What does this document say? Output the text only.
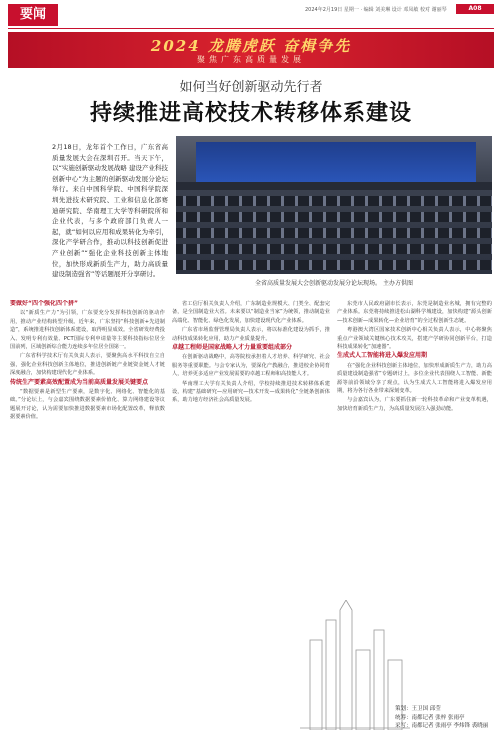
要闻	2024年2月19日 星期一 · 编辑 刘美琳 设计 邓凤敏 校对 谢丽琴	A08
2024 龙腾虎跃 奋楫争先
聚焦广东高质量发展
如何当好创新驱动先行者
持续推进高校技术转移体系建设
2月18日，龙年首个工作日，广东省高质量发展大会在深圳召开。当天下午，以“实施创新驱动发展战略 建设产业科技创新中心”为主题的创新驱动发展分论坛举行。来自中国科学院、中国科学院深圳先进技术研究院、工业和信息化部赛迪研究院、华南理工大学等科研院所和企业代表，与多个政府部门负责人一起，就“如何以应用和成果转化为牵引，深化产学研合作，推动以科技创新促进产业创新”“强化企业科技创新主体地位，加快形成新质生产力，助力高质量建设制造强省”等话题展开分享研讨。
全省高质量发展大会创新驱动发展分论坛现场。 主办方供图

要做好“四个强化四个拼”

以“新质生产力”为引领，广东要充分发挥科技创新的驱动作用，推动产业结构转型升级。近年来，广东坚持“科技创新+先进制造”，系统推进科技创新体系建设，取得明显成效。全省研发经费投入、发明专利有效量、PCT国际专利申请量等主要科技指标位居全国前列，区域创新综合能力连续多年位居全国第一。

广东省科学技术厅有关负责人表示，要聚焦高水平科技自立自强，强化企业科技创新主体地位，推进创新链产业链资金链人才链深度融合，加快构建现代化产业体系。

传统生产要素高效配置成为当前高质量发展关键要点

“数据要素是新型生产要素，是数字化、网络化、智能化的基础。”分论坛上，与会嘉宾围绕数据要素价值化、算力网络建设等议题展开讨论，认为需要加快推进数据要素市场化配置改革，释放数据要素价值。

省工信厅相关负责人介绍，广东制造业规模大、门类全、配套完备，是全国制造业大省。未来要以“制造业当家”为统领，推动制造业高端化、智能化、绿色化发展，加快建设现代化产业体系。

广东省市场监督管理局负责人表示，将以标准化建设为抓手，推动科技成果转化应用，助力产业质量提升。

卓越工程师是国家战略人才力量重要组成部分

在创新驱动战略中，高等院校承担着人才培养、科学研究、社会服务等重要职能。与会专家认为，要深化产教融合，推进校企协同育人，培养更多适应产业发展需要的卓越工程师和高技能人才。

华南理工大学有关负责人介绍，学校持续推进技术转移体系建设，构建“基础研究—应用研究—技术开发—成果转化”全链条创新体系，助力地方经济社会高质量发展。

东莞市人民政府副市长表示，东莞是制造业名城，拥有完整的产业体系。东莞将持续推进松山湖科学城建设，加快构建“源头创新—技术创新—成果转化—企业培育”的全过程创新生态链。

粤港澳大湾区国家技术创新中心相关负责人表示，中心将聚焦重点产业领域关键核心技术攻关，搭建产学研协同创新平台，打造科技成果转化“加速器”。

生成式人工智能将进入爆发应用期

在“强化企业科技创新主体地位，加快形成新质生产力，助力高质量建设制造强省”专题研讨上，多位企业代表围绕人工智能、新能源等前沿领域分享了观点，认为生成式人工智能将进入爆发应用期，将为各行各业带来深刻变革。

与会嘉宾认为，广东要抓住新一轮科技革命和产业变革机遇，加快培育新质生产力，为高质量发展注入强劲动能。

策划：王卫国 邱莹
统筹：南都记者 张梓 张雨亭
采写：南都记者 张雨亭 李炜锋 裘晓丽
